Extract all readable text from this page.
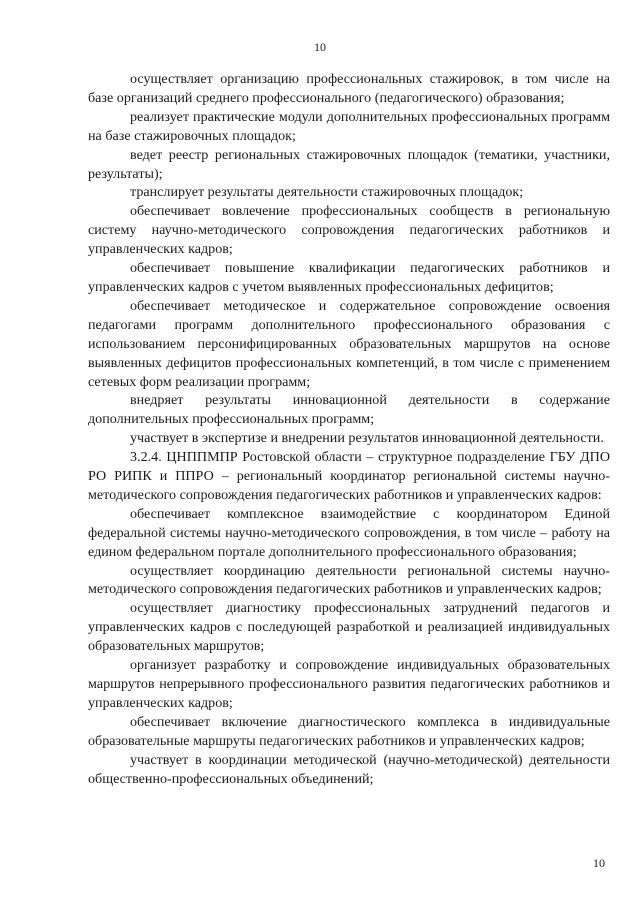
10

осуществляет организацию профессиональных стажировок, в том числе на базе организаций среднего профессионального (педагогического) образования;

реализует практические модули дополнительных профессиональных программ на базе стажировочных площадок;

ведет реестр региональных стажировочных площадок (тематики, участники, результаты);

транслирует результаты деятельности стажировочных площадок;

обеспечивает вовлечение профессиональных сообществ в региональную систему научно-методического сопровождения педагогических работников и управленческих кадров;

обеспечивает повышение квалификации педагогических работников и управленческих кадров с учетом выявленных профессиональных дефицитов;

обеспечивает методическое и содержательное сопровождение освоения педагогами программ дополнительного профессионального образования с использованием персонифицированных образовательных маршрутов на основе выявленных дефицитов профессиональных компетенций, в том числе с применением сетевых форм реализации программ;

внедряет результаты инновационной деятельности в содержание дополнительных профессиональных программ;

участвует в экспертизе и внедрении результатов инновационной деятельности.

3.2.4. ЦНППМПР Ростовской области – структурное подразделение ГБУ ДПО РО РИПК и ППРО – региональный координатор региональной системы научно-методического сопровождения педагогических работников и управленческих кадров:

обеспечивает комплексное взаимодействие с координатором Единой федеральной системы научно-методического сопровождения, в том числе – работу на едином федеральном портале дополнительного профессионального образования;

осуществляет координацию деятельности региональной системы научно-методического сопровождения педагогических работников и управленческих кадров;

осуществляет диагностику профессиональных затруднений педагогов и управленческих кадров с последующей разработкой и реализацией индивидуальных образовательных маршрутов;

организует разработку и сопровождение индивидуальных образовательных маршрутов непрерывного профессионального развития педагогических работников и управленческих кадров;

обеспечивает включение диагностического комплекса в индивидуальные образовательные маршруты педагогических работников и управленческих кадров;

участвует в координации методической (научно-методической) деятельности общественно-профессиональных объединений;

10
